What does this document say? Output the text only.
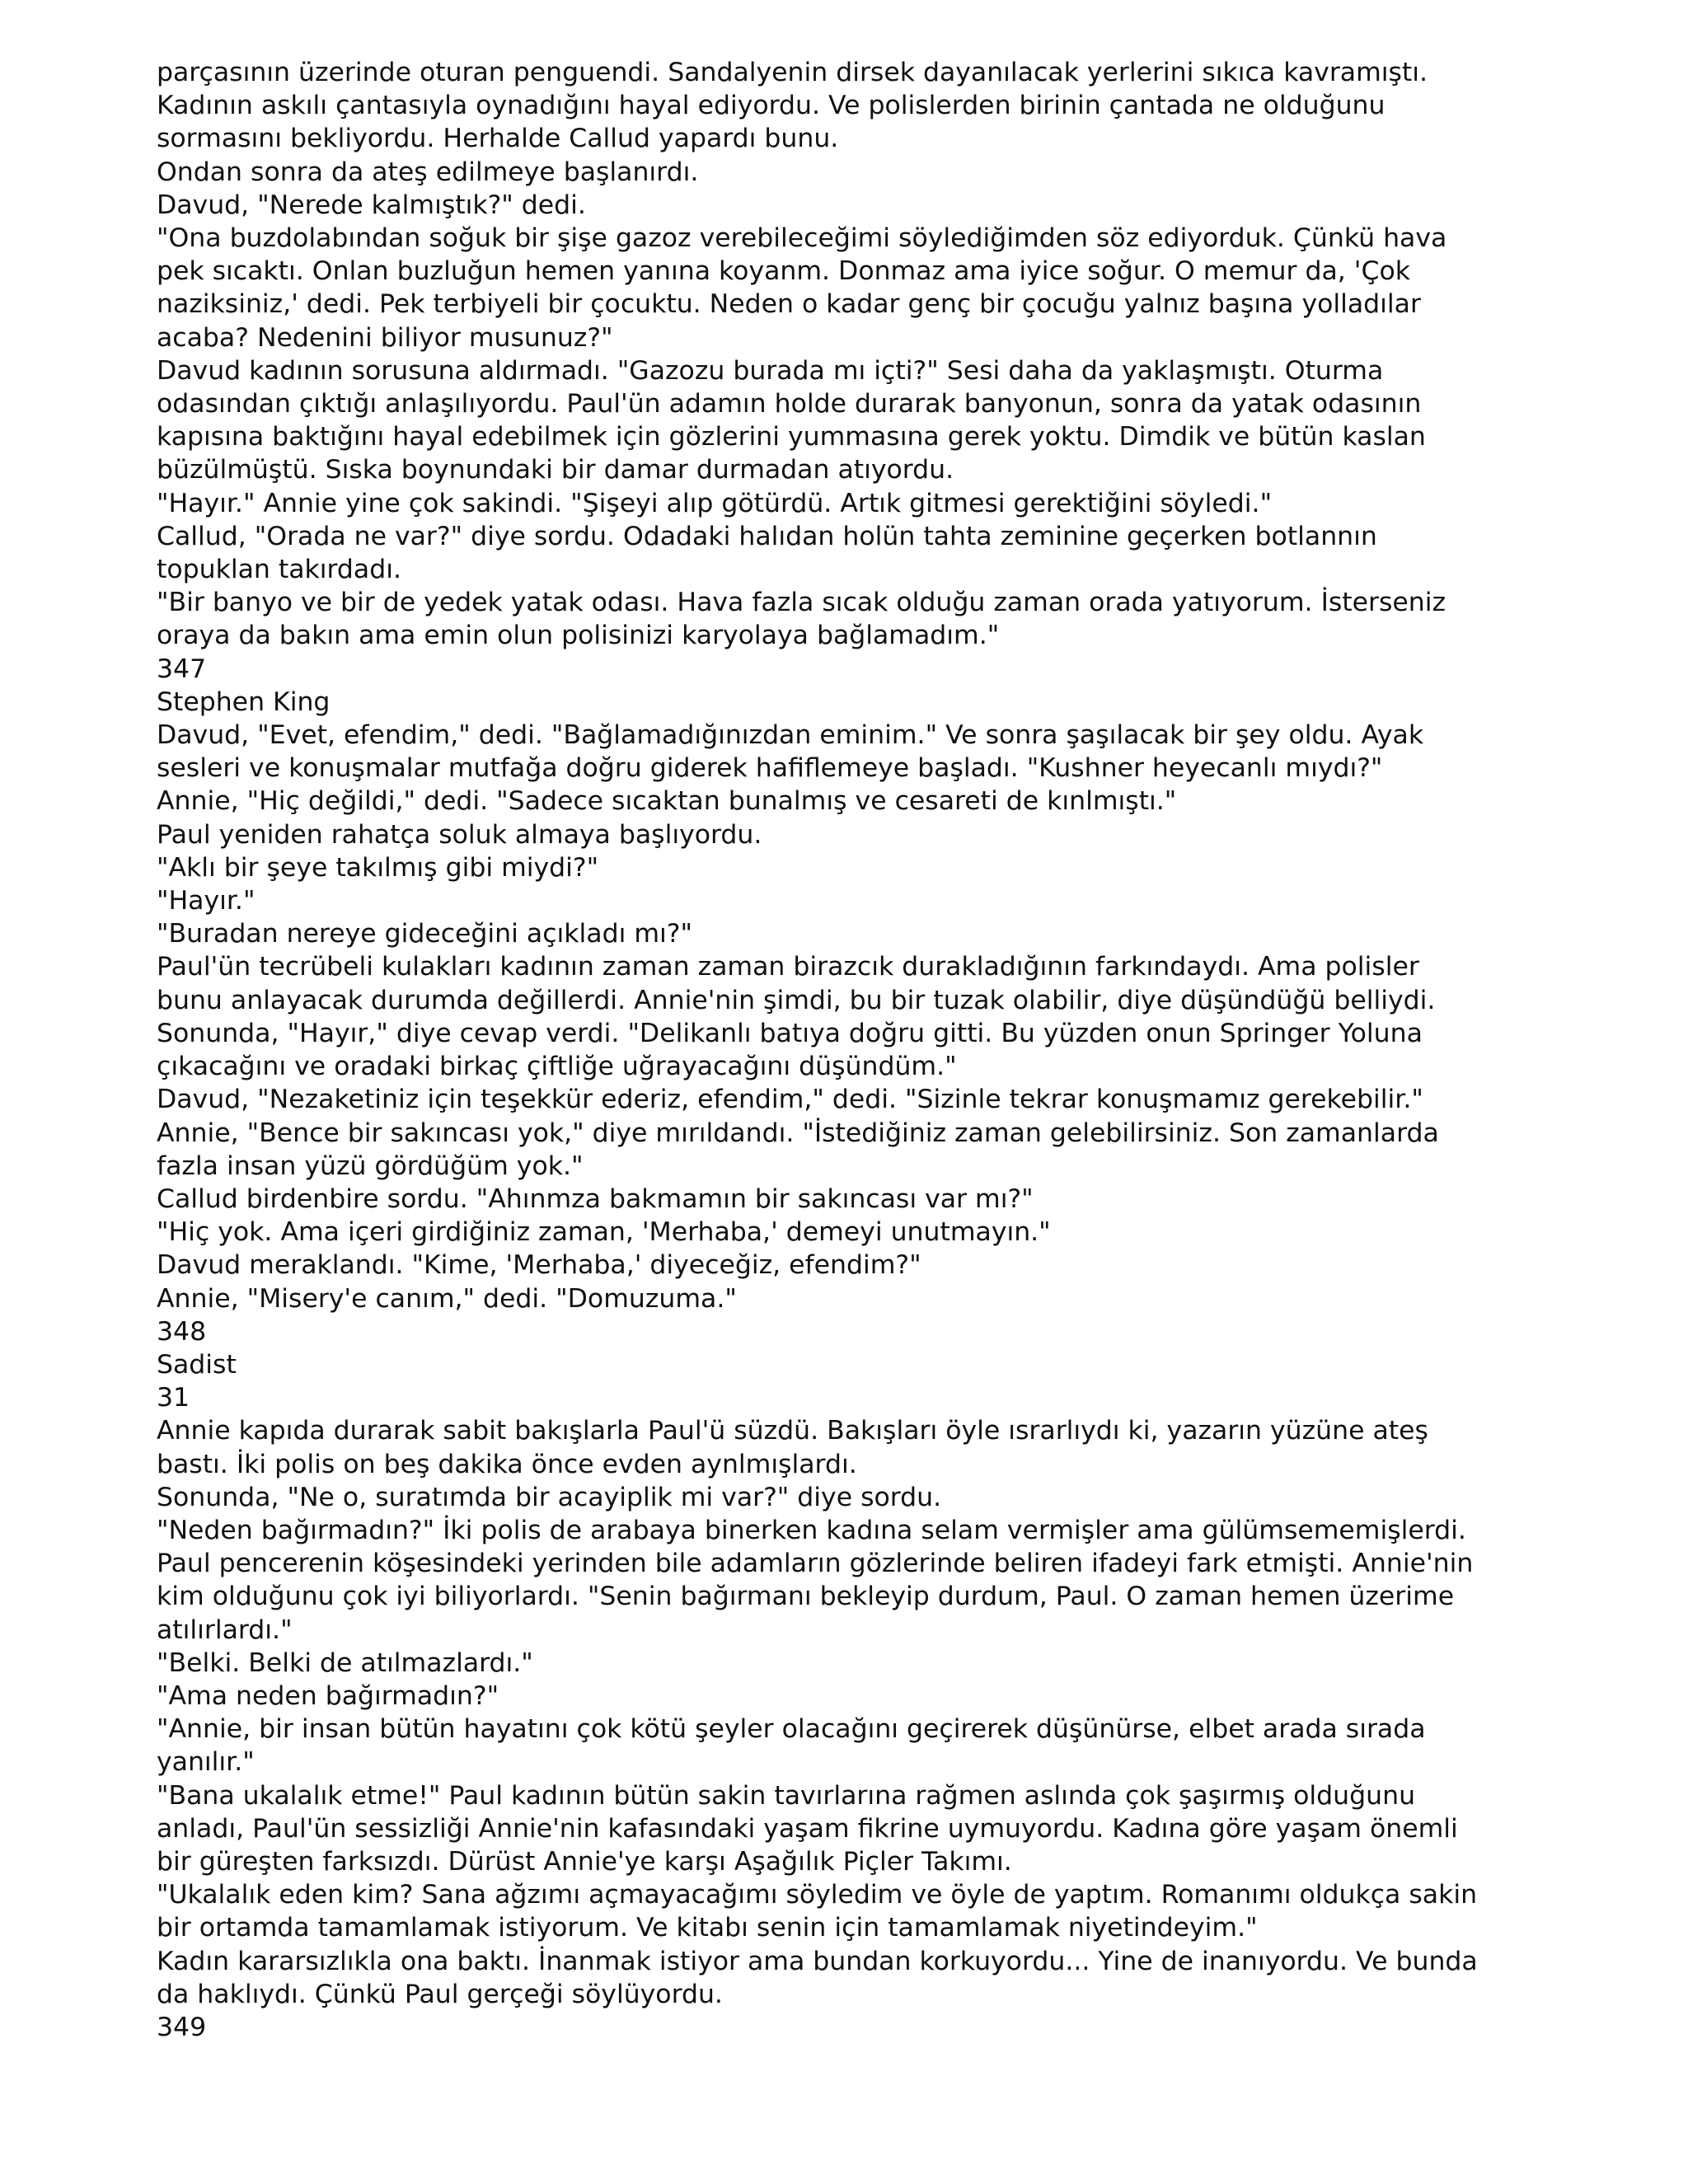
parçasının üzerinde oturan penguendi. Sandalyenin dirsek dayanılacak yerlerini sıkıca kavramıştı. Kadının askılı çantasıyla oynadığını hayal ediyordu. Ve polislerden birinin çantada ne olduğunu sormasını bekliyordu. Herhalde Callud yapardı bunu.

Ondan sonra da ateş edilmeye başlanırdı.

Davud, "Nerede kalmıştık?" dedi.

"Ona buzdolabından soğuk bir şişe gazoz verebileceğimi söylediğimden söz ediyorduk. Çünkü hava pek sıcaktı. Onlan buzluğun hemen yanına koyanm. Donmaz ama iyice soğur. O memur da, 'Çok naziksiniz,' dedi. Pek terbiyeli bir çocuktu. Neden o kadar genç bir çocuğu yalnız başına yolladılar acaba? Nedenini biliyor musunuz?"

Davud kadının sorusuna aldırmadı. "Gazozu burada mı içti?" Sesi daha da yaklaşmıştı. Oturma odasından çıktığı anlaşılıyordu. Paul'ün adamın holde durarak banyonun, sonra da yatak odasının kapısına baktığını hayal edebilmek için gözlerini yummasına gerek yoktu. Dimdik ve bütün kaslan büzülmüştü. Sıska boynundaki bir damar durmadan atıyordu.

"Hayır." Annie yine çok sakindi. "Şişeyi alıp götürdü. Artık gitmesi gerektiğini söyledi."

Callud, "Orada ne var?" diye sordu. Odadaki halıdan holün tahta zeminine geçerken botlannın topuklan takırdadı.

"Bir banyo ve bir de yedek yatak odası. Hava fazla sıcak olduğu zaman orada yatıyorum. İsterseniz oraya da bakın ama emin olun polisinizi karyolaya bağlamadım."

347

Stephen King

Davud, "Evet, efendim," dedi. "Bağlamadığınızdan eminim." Ve sonra şaşılacak bir şey oldu. Ayak sesleri ve konuşmalar mutfağa doğru giderek hafiflemeye başladı. "Kushner heyecanlı mıydı?"

Annie, "Hiç değildi," dedi. "Sadece sıcaktan bunalmış ve cesareti de kınlmıştı."

Paul yeniden rahatça soluk almaya başlıyordu.

"Aklı bir şeye takılmış gibi miydi?"

"Hayır."

"Buradan nereye gideceğini açıkladı mı?"

Paul'ün tecrübeli kulakları kadının zaman zaman birazcık durakladığının farkındaydı. Ama polisler bunu anlayacak durumda değillerdi. Annie'nin şimdi, bu bir tuzak olabilir, diye düşündüğü belliydi. Sonunda, "Hayır," diye cevap verdi. "Delikanlı batıya doğru gitti. Bu yüzden onun Springer Yoluna çıkacağını ve oradaki birkaç çiftliğe uğrayacağını düşündüm."

Davud, "Nezaketiniz için teşekkür ederiz, efendim," dedi. "Sizinle tekrar konuşmamız gerekebilir."

Annie, "Bence bir sakıncası yok," diye mırıldandı. "İstediğiniz zaman gelebilirsiniz. Son zamanlarda fazla insan yüzü gördüğüm yok."

Callud birdenbire sordu. "Ahınmza bakmamın bir sakıncası var mı?"

"Hiç yok. Ama içeri girdiğiniz zaman, 'Merhaba,' demeyi unutmayın."

Davud meraklandı. "Kime, 'Merhaba,' diyeceğiz, efendim?"

Annie, "Misery'e canım," dedi. "Domuzuma."

348

Sadist

31

Annie kapıda durarak sabit bakışlarla Paul'ü süzdü. Bakışları öyle ısrarlıydı ki, yazarın yüzüne ateş bastı. İki polis on beş dakika önce evden aynlmışlardı.

Sonunda, "Ne o, suratımda bir acayiplik mi var?" diye sordu.

"Neden bağırmadın?" İki polis de arabaya binerken kadına selam vermişler ama gülümsememişlerdi. Paul pencerenin köşesindeki yerinden bile adamların gözlerinde beliren ifadeyi fark etmişti. Annie'nin kim olduğunu çok iyi biliyorlardı. "Senin bağırmanı bekleyip durdum, Paul. O zaman hemen üzerime atılırlardı."

"Belki. Belki de atılmazlardı."

"Ama neden bağırmadın?"

"Annie, bir insan bütün hayatını çok kötü şeyler olacağını geçirerek düşünürse, elbet arada sırada yanılır."

"Bana ukalalık etme!" Paul kadının bütün sakin tavırlarına rağmen aslında çok şaşırmış olduğunu anladı, Paul'ün sessizliği Annie'nin kafasındaki yaşam fikrine uymuyordu. Kadına göre yaşam önemli bir güreşten farksızdı. Dürüst Annie'ye karşı Aşağılık Piçler Takımı.

"Ukalalık eden kim? Sana ağzımı açmayacağımı söyledim ve öyle de yaptım. Romanımı oldukça sakin bir ortamda tamamlamak istiyorum. Ve kitabı senin için tamamlamak niyetindeyim."

Kadın kararsızlıkla ona baktı. İnanmak istiyor ama bundan korkuyordu... Yine de inanıyordu. Ve bunda da haklıydı. Çünkü Paul gerçeği söylüyordu.

349
